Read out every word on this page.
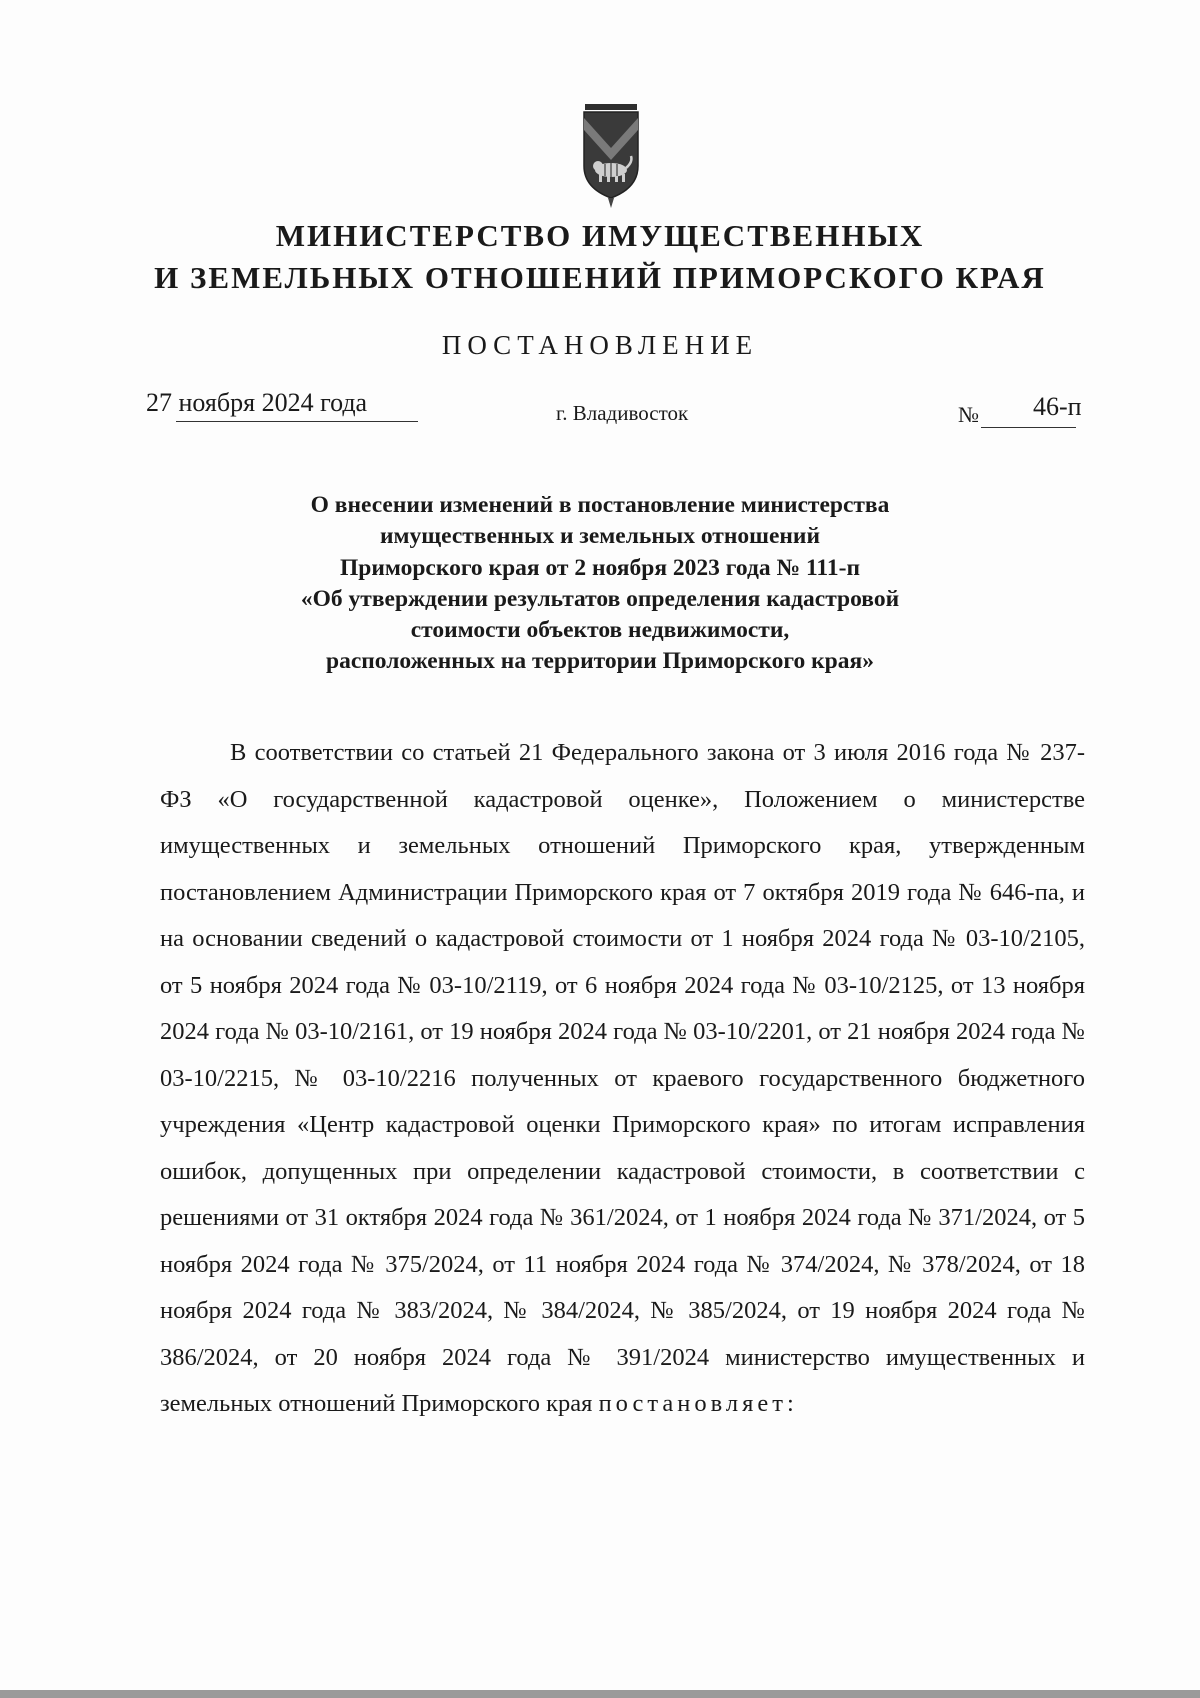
МИНИСТЕРСТВО ИМУЩЕСТВЕННЫХ
И ЗЕМЕЛЬНЫХ ОТНОШЕНИЙ ПРИМОРСКОГО КРАЯ
ПОСТАНОВЛЕНИЕ
27 ноября 2024 года	г. Владивосток	№ 46-п
О внесении изменений в постановление министерства
имущественных и земельных отношений
Приморского края от 2 ноября 2023 года № 111-п
«Об утверждении результатов определения кадастровой
стоимости объектов недвижимости,
расположенных на территории Приморского края»

В соответствии со статьей 21 Федерального закона от 3 июля 2016 года № 237-ФЗ «О государственной кадастровой оценке», Положением о министерстве имущественных и земельных отношений Приморского края, утвержденным постановлением Администрации Приморского края от 7 октября 2019 года № 646-па, и на основании сведений о кадастровой стоимости от 1 ноября 2024 года № 03-10/2105, от 5 ноября 2024 года № 03-10/2119, от 6 ноября 2024 года № 03-10/2125, от 13 ноября 2024 года № 03-10/2161, от 19 ноября 2024 года № 03-10/2201, от 21 ноября 2024 года № 03-10/2215, № 03-10/2216 полученных от краевого государственного бюджетного учреждения «Центр кадастровой оценки Приморского края» по итогам исправления ошибок, допущенных при определении кадастровой стоимости, в соответствии с решениями от 31 октября 2024 года № 361/2024, от 1 ноября 2024 года № 371/2024, от 5 ноября 2024 года № 375/2024, от 11 ноября 2024 года № 374/2024, № 378/2024, от 18 ноября 2024 года № 383/2024, № 384/2024, № 385/2024, от 19 ноября 2024 года № 386/2024, от 20 ноября 2024 года № 391/2024 министерство имущественных и земельных отношений Приморского края постановляет:
